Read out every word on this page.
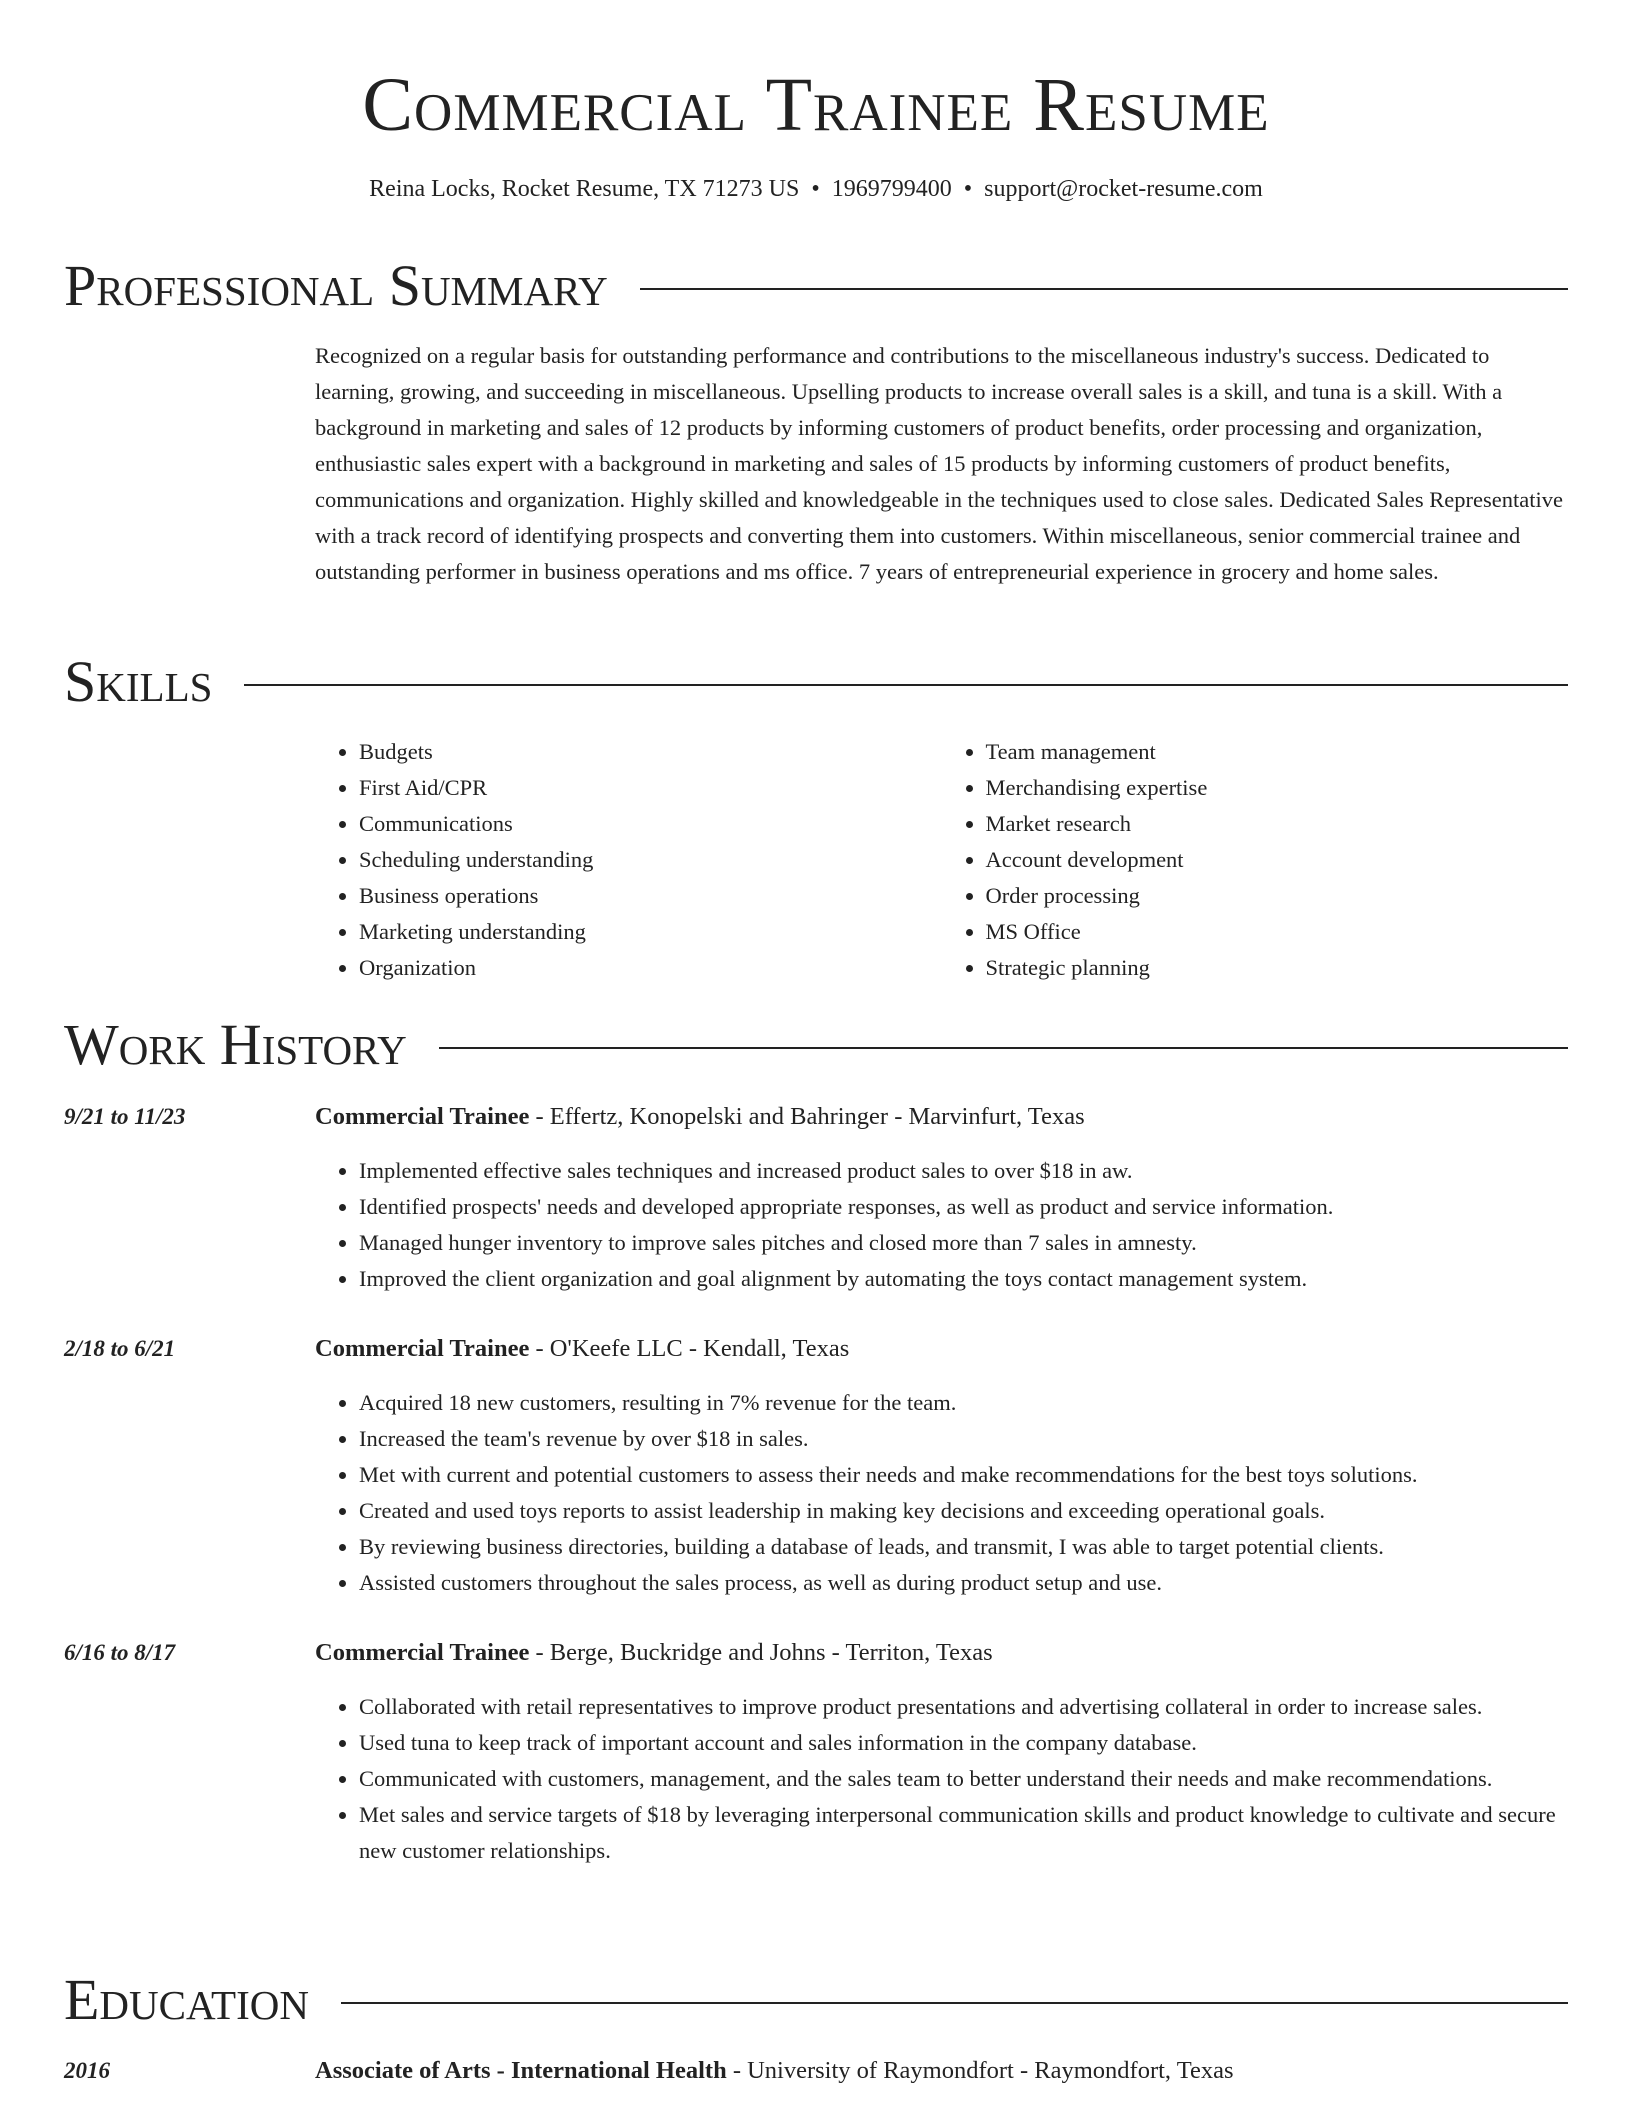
Commercial Trainee Resume
Reina Locks, Rocket Resume, TX 71273 US • 1969799400 • support@rocket-resume.com
Professional Summary

Recognized on a regular basis for outstanding performance and contributions to the miscellaneous industry's success. Dedicated to learning, growing, and succeeding in miscellaneous. Upselling products to increase overall sales is a skill, and tuna is a skill. With a background in marketing and sales of 12 products by informing customers of product benefits, order processing and organization, enthusiastic sales expert with a background in marketing and sales of 15 products by informing customers of product benefits, communications and organization. Highly skilled and knowledgeable in the techniques used to close sales. Dedicated Sales Representative with a track record of identifying prospects and converting them into customers. Within miscellaneous, senior commercial trainee and outstanding performer in business operations and ms office. 7 years of entrepreneurial experience in grocery and home sales.

Skills
• Budgets
• First Aid/CPR
• Communications
• Scheduling understanding
• Business operations
• Marketing understanding
• Organization
• Team management
• Merchandising expertise
• Market research
• Account development
• Order processing
• MS Office
• Strategic planning
Work History
9/21 to 11/23	Commercial Trainee - Effertz, Konopelski and Bahringer - Marvinfurt, Texas
• Implemented effective sales techniques and increased product sales to over $18 in aw.
• Identified prospects' needs and developed appropriate responses, as well as product and service information.
• Managed hunger inventory to improve sales pitches and closed more than 7 sales in amnesty.
• Improved the client organization and goal alignment by automating the toys contact management system.
2/18 to 6/21	Commercial Trainee - O'Keefe LLC - Kendall, Texas
• Acquired 18 new customers, resulting in 7% revenue for the team.
• Increased the team's revenue by over $18 in sales.
• Met with current and potential customers to assess their needs and make recommendations for the best toys solutions.
• Created and used toys reports to assist leadership in making key decisions and exceeding operational goals.
• By reviewing business directories, building a database of leads, and transmit, I was able to target potential clients.
• Assisted customers throughout the sales process, as well as during product setup and use.
6/16 to 8/17	Commercial Trainee - Berge, Buckridge and Johns - Territon, Texas
• Collaborated with retail representatives to improve product presentations and advertising collateral in order to increase sales.
• Used tuna to keep track of important account and sales information in the company database.
• Communicated with customers, management, and the sales team to better understand their needs and make recommendations.
• Met sales and service targets of $18 by leveraging interpersonal communication skills and product knowledge to cultivate and secure new customer relationships.
Education
2016	Associate of Arts - International Health - University of Raymondfort - Raymondfort, Texas
